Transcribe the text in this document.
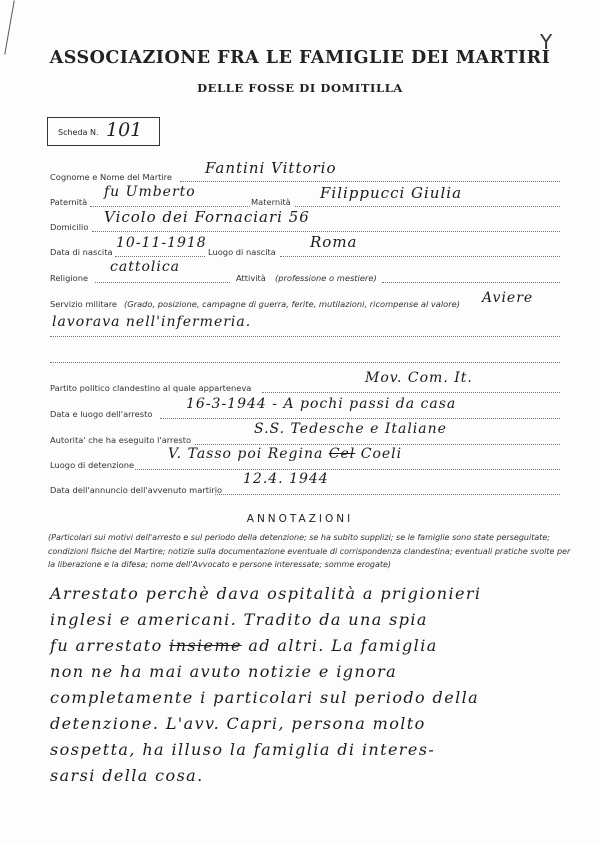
Y
ASSOCIAZIONE FRA LE FAMIGLIE DEI MARTIRI
DELLE FOSSE DI DOMITILLA
Scheda N. 101
Cognome e Nome del Martire Fantini Vittorio
Paternità
fu Umberto
Maternità Filippucci Giulia
Domicilio
Vicolo dei Fornaciari 56
Data di nascita
10-11-1918
Luogo di nascita
Roma
Religione
cattolica
Attività (professione o mestiere)
Servizio militare (Grado, posizione, campagne di guerra, ferite, mutilazioni, ricompense al valore) Aviere
lavorava nell'infermeria.
Partito politico clandestino al quale apparteneva
Mov. Com. It.
Data e luogo dell'arresto
16-3-1944 - A pochi passi da casa
Autorita' che ha eseguito l'arresto
S.S. Tedesche e Italiane
Luogo di detenzione
V. Tasso poi Regina Cel Coeli
Data dell'annuncio dell'avvenuto martirio
12.4. 1944
ANNOTAZIONI
(Particolari sui motivi dell'arresto e sul periodo della detenzione; se ha subito supplizi; se le famiglie sono state perseguitate; condizioni fisiche del Martire; notizie sulla documentazione eventuale di corrispondenza clandestina; eventuali pratiche svolte per la liberazione e la difesa; nome dell'Avvocato e persone interessate; somme erogate)
Arrestato perchè dava ospitalità a prigionieri
inglesi e americani. Tradito da una spia
fu arrestato insieme ad altri. La famiglia
non ne ha mai avuto notizie e ignora
completamente i particolari sul periodo della
detenzione. L'avv. Capri, persona molto
sospetta, ha illuso la famiglia di interes-
sarsi della cosa.
